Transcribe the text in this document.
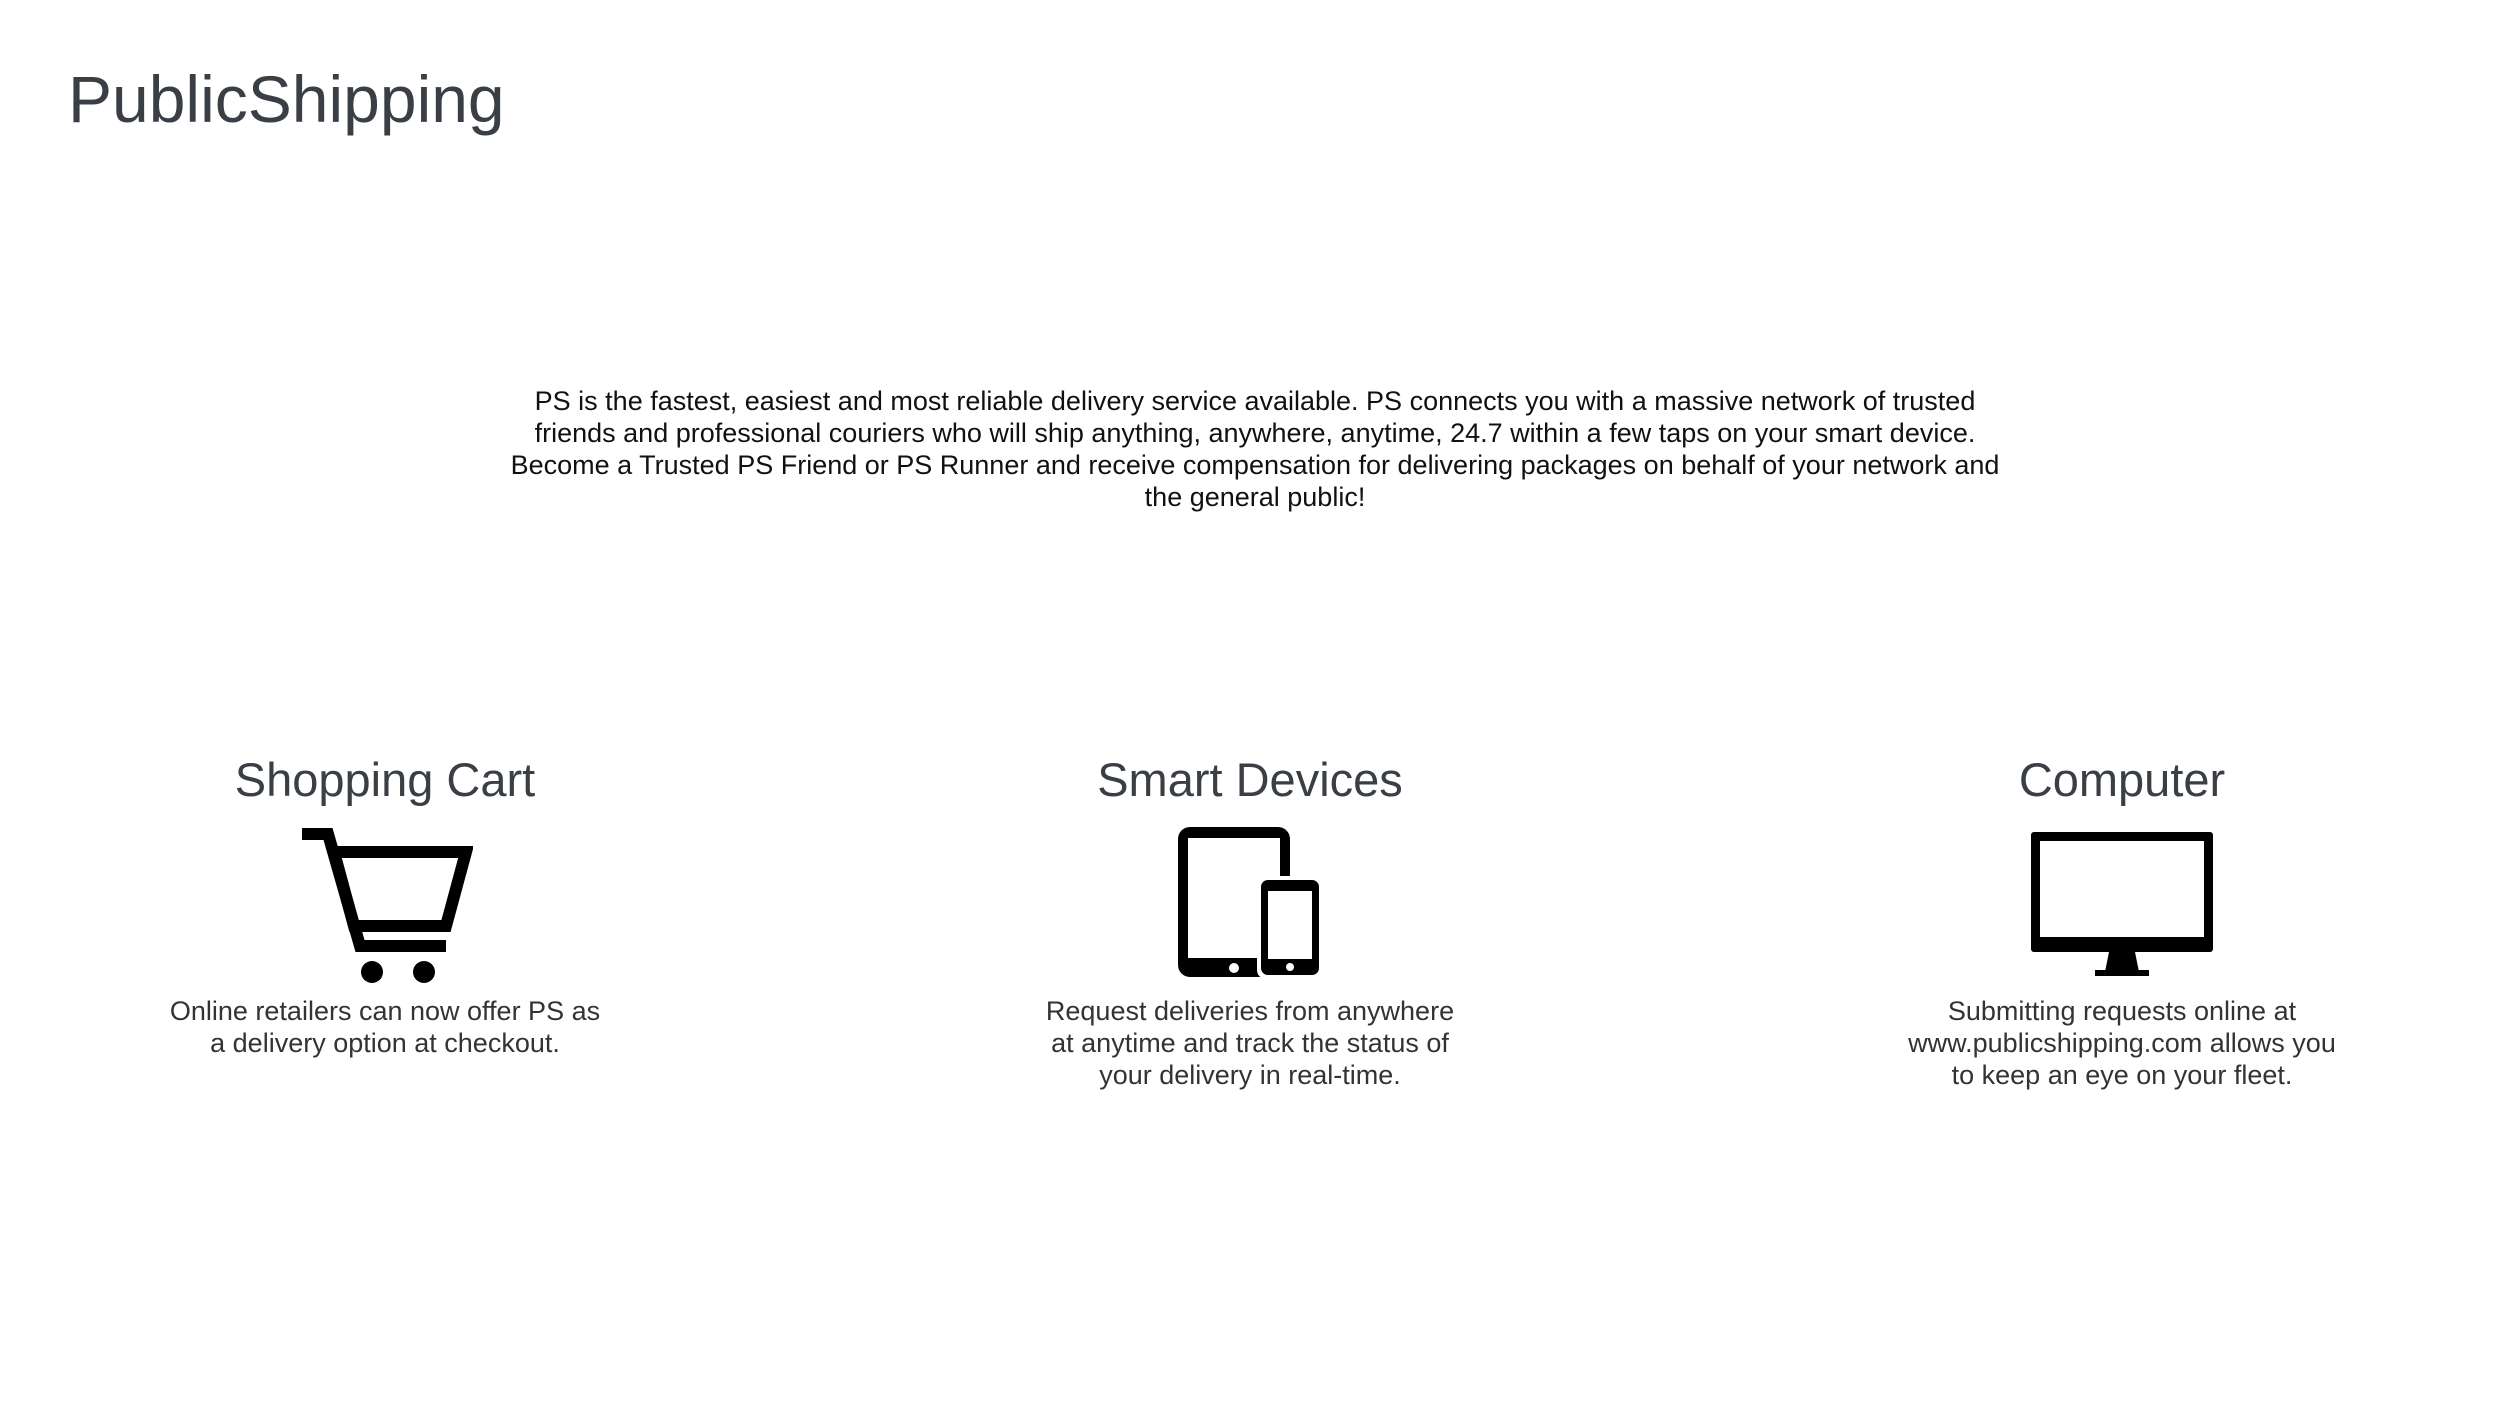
PublicShipping

PS is the fastest, easiest and most reliable delivery service available. PS connects you with a massive network of trusted friends and professional couriers who will ship anything, anywhere, anytime, 24.7 within a few taps on your smart device. Become a Trusted PS Friend or PS Runner and receive compensation for delivering packages on behalf of your network and the general public!

Shopping Cart

Online retailers can now offer PS as a delivery option at checkout.

Smart Devices

Request deliveries from anywhere at anytime and track the status of your delivery in real-time.

Computer

Submitting requests online at www.publicshipping.com allows you to keep an eye on your fleet.
